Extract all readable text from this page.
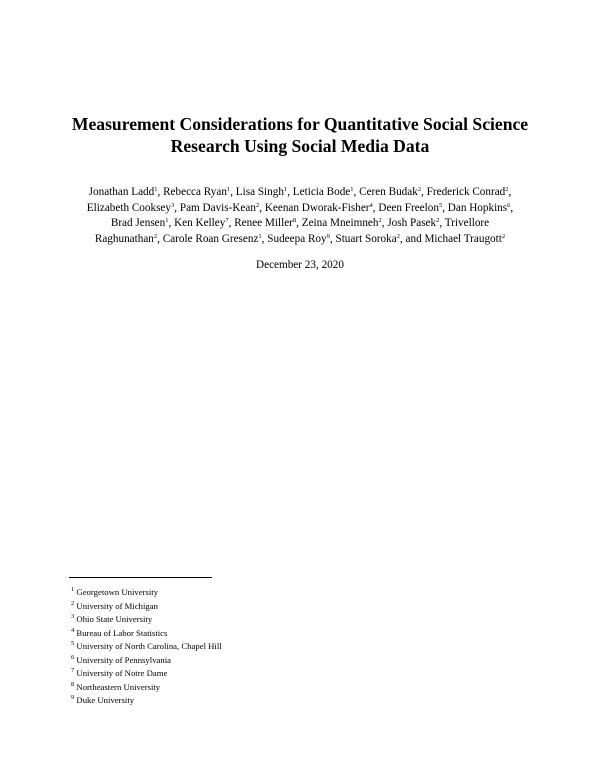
Measurement Considerations for Quantitative Social Science
Research Using Social Media Data
Jonathan Ladd$^1$, Rebecca Ryan$^1$, Lisa Singh$^1$, Leticia Bode$^1$, Ceren Budak$^2$, Frederick Conrad$^2$,
Elizabeth Cooksey$^3$, Pam Davis-Kean$^2$, Keenan Dworak-Fisher$^4$, Deen Freelon$^5$, Dan Hopkins$^6$,
Brad Jensen$^1$, Ken Kelley$^7$, Renee Miller$^8$, Zeina Mneimneh$^2$, Josh Pasek$^2$, Trivellore
Raghunathan$^2$, Carole Roan Gresenz$^1$, Sudeepa Roy$^9$, Stuart Soroka$^2$, and Michael Traugott$^2$
December 23, 2020
$^1$ Georgetown University
$^2$ University of Michigan
$^3$ Ohio State University
$^4$ Bureau of Labor Statistics
$^5$ University of North Carolina, Chapel Hill
$^6$ University of Pennsylvania
$^7$ University of Notre Dame
$^8$ Northeastern University
$^9$ Duke University
